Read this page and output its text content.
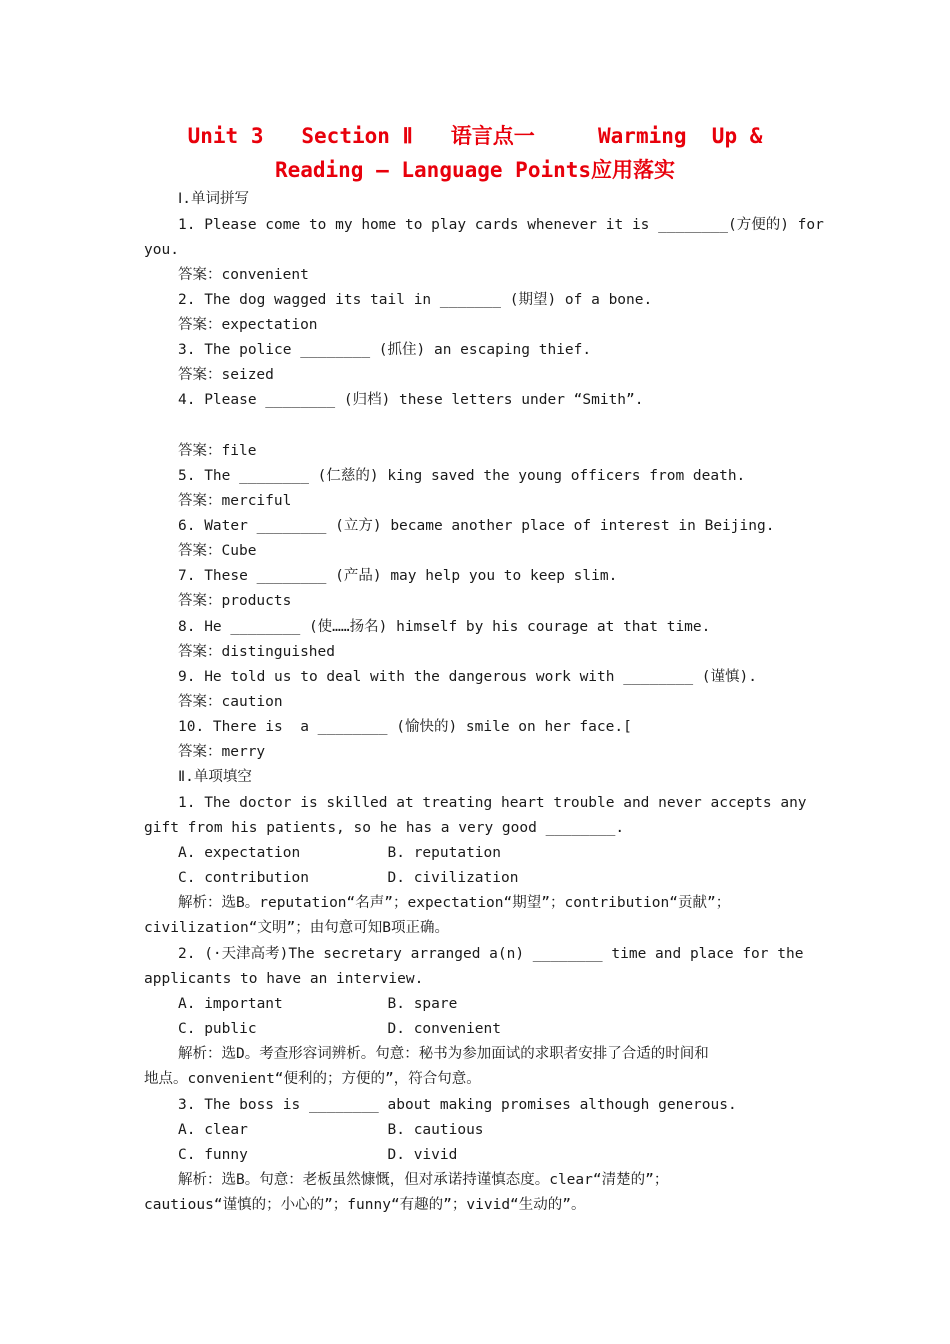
Unit 3   Section Ⅱ   语言点一     Warming  Up &
Reading — Language Points应用落实
Ⅰ.单词拼写
1. Please come to my home to play cards whenever it is ________(方便的) for
you.
答案：convenient
2. The dog wagged its tail in _______ (期望) of a bone.
答案：expectation
3. The police ________ (抓住) an escaping thief.
答案：seized
4. Please ________ (归档) these letters under “Smith”.
答案：file
5. The ________ (仁慈的) king saved the young officers from death.
答案：merciful
6. Water ________ (立方) became another place of interest in Beijing.
答案：Cube
7. These ________ (产品) may help you to keep slim.
答案：products
8. He ________ (使……扬名) himself by his courage at that time.
答案：distinguished
9. He told us to deal with the dangerous work with ________ (谨慎).
答案：caution
10. There is  a ________ (愉快的) smile on her face.[
答案：merry
Ⅱ.单项填空
1. The doctor is skilled at treating heart trouble and never accepts any
gift from his patients, so he has a very good ________.
A. expectation          B. reputation
C. contribution         D. civilization
解析：选B。reputation“名声”；expectation“期望”；contribution“贡献”；
civilization“文明”；由句意可知B项正确。
2. (·天津高考)The secretary arranged a(n) ________ time and place for the
applicants to have an interview.
A. important            B. spare
C. public               D. convenient
解析：选D。考查形容词辨析。句意：秘书为参加面试的求职者安排了合适的时间和
地点。convenient“便利的；方便的”，符合句意。
3. The boss is ________ about making promises although generous.
A. clear                B. cautious
C. funny                D. vivid
解析：选B。句意：老板虽然慷慨，但对承诺持谨慎态度。clear“清楚的”；
cautious“谨慎的；小心的”；funny“有趣的”；vivid“生动的”。
